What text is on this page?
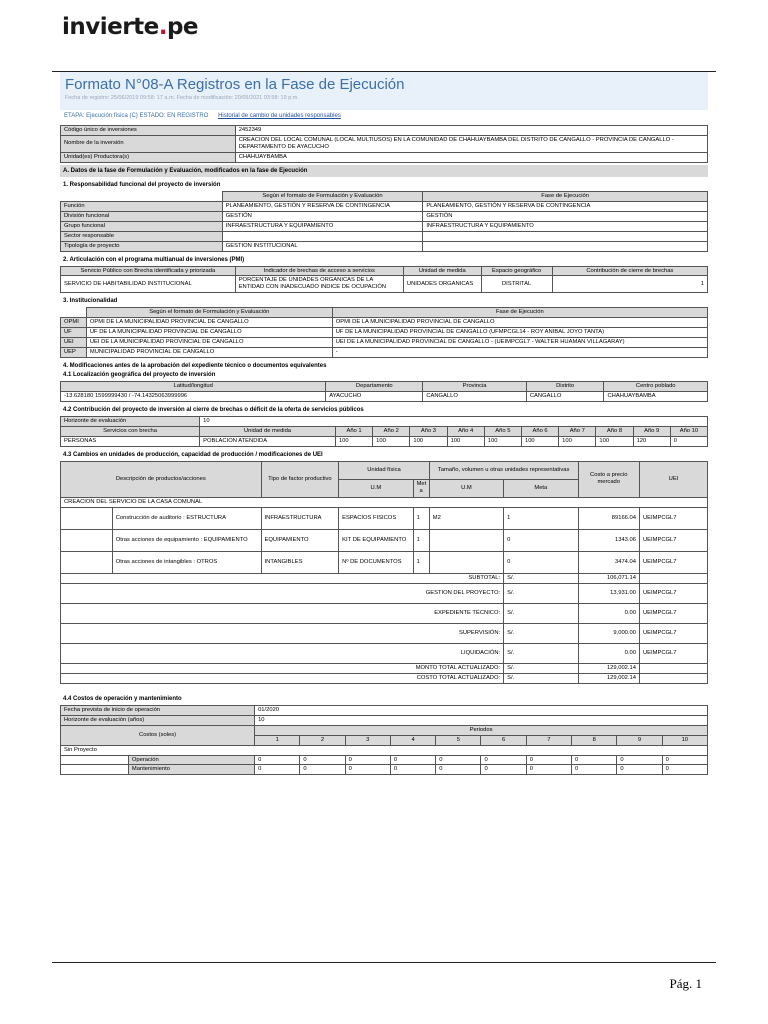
invierte.pe
Formato N°08-A Registros en la Fase de Ejecución
Fecha de registro: 25/06/2019 09:58: 17 a.m. Fecha de modificación: 20/09/2021 03:58: 19 p.m.
ETAPA: Ejecución física (C) ESTADO: EN REGISTRO Historial de cambio de unidades responsables
Código único de inversiones	2452349
Nombre de la inversión	CREACION DEL LOCAL COMUNAL (LOCAL MULTIUSOS) EN LA COMUNIDAD DE CHAHUAYBAMBA DEL DISTRITO DE CANGALLO - PROVINCIA DE CANGALLO - DEPARTAMENTO DE AYACUCHO
Unidad(es) Productora(s)	CHAHUAYBAMBA
A. Datos de la fase de Formulación y Evaluación, modificados en la fase de Ejecución
1. Responsabilidad funcional del proyecto de inversión
	Según el formato de Formulación y Evaluación	Fase de Ejecución
Función	PLANEAMIENTO, GESTIÓN Y RESERVA DE CONTINGENCIA	PLANEAMIENTO, GESTIÓN Y RESERVA DE CONTINGENCIA
División funcional	GESTIÓN	GESTIÓN
Grupo funcional	INFRAESTRUCTURA Y EQUIPAMIENTO	INFRAESTRUCTURA Y EQUIPAMIENTO
Sector responsable		
Tipología de proyecto	GESTION INSTITUCIONAL	
2. Articulación con el programa multianual de inversiones (PMI)
Servicio Público con Brecha identificada y priorizada	Indicador de brechas de acceso a servicios	Unidad de medida	Espacio geográfico	Contribución de cierre de brechas
SERVICIO DE HABITABILIDAD INSTITUCIONAL	PORCENTAJE DE UNIDADES ORGANICAS DE LA ENTIDAD CON INADECUADO INDICE DE OCUPACIÓN	UNIDADES ORGANICAS	DISTRITAL	1
3. Institucionalidad
	Según el formato de Formulación y Evaluación	Fase de Ejecución
OPMI	OPMI DE LA MUNICIPALIDAD PROVINCIAL DE CANGALLO	OPMI DE LA MUNICIPALIDAD PROVINCIAL DE CANGALLO
UF	UF DE LA MUNICIPALIDAD PROVINCIAL DE CANGALLO	UF DE LA MUNICIPALIDAD PROVINCIAL DE CANGALLO (UFMPCGL14 - ROY ANIBAL JOYO TANTA)
UEI	UEI DE LA MUNICIPALIDAD PROVINCIAL DE CANGALLO	UEI DE LA MUNICIPALIDAD PROVINCIAL DE CANGALLO - (UEIMPCGL7 - WALTER HUAMAN VILLAGARAY)
UEP	MUNICIPALIDAD PROVINCIAL DE CANGALLO	-
4. Modificaciones antes de la aprobación del expediente técnico o documentos equivalentes
4.1 Localización geográfica del proyecto de inversión
Latitud/longitud	Departamento	Provincia	Distrito	Centro poblado
-13.628180 1599999430 / -74.14325063999996	AYACUCHO	CANGALLO	CANGALLO	CHAHUAYBAMBA
4.2 Contribución del proyecto de inversión al cierre de brechas o déficit de la oferta de servicios públicos
Horizonte de evaluación	10										
Servicios con brecha	Unidad de medida	Año 1	Año 2	Año 3	Año 4	Año 5	Año 6	Año 7	Año 8	Año 9	Año 10
PERSONAS	POBLACION ATENDIDA	100	100	100	100	100	100	100	100	120	0
4.3 Cambios en unidades de producción, capacidad de producción / modificaciones de UEI
Descripción de productos/acciones		Tipo de factor productivo	Unidad física		Tamaño, volumen u otras unidades representativas		Costo a precio mercado	UEI
			U.M	Met a	U.M	Meta		
CREACION DEL SERVICIO DE LA CASA COMUNAL								
	Construcción de auditorio : ESTRUCTURA	INFRAESTRUCTURA	ESPACIOS FISICOS	1	M2	1	89166.04	UEIMPCGL7
	Otras acciones de equipamiento : EQUIPAMIENTO	EQUIPAMIENTO	KIT DE EQUIPAMIENTO	1		0	1343.06	UEIMPCGL7
	Otras acciones de intangibles : OTROS	INTANGIBLES	Nº DE DOCUMENTOS	1		0	3474.04	UEIMPCGL7
SUBTOTAL:						S/.	106,071.14	
GESTION DEL PROYECTO:						S/.	13,931.00	UEIMPCGL7
EXPEDIENTE TÉCNICO:						S/.	0.00	UEIMPCGL7
SUPERVISIÓN:						S/.	9,000.00	UEIMPCGL7
LIQUIDACIÓN:						S/.	0.00	UEIMPCGL7
MONTO TOTAL ACTUALIZADO:						S/.	129,002.14	
COSTO TOTAL ACTUALIZADO:						S/.	129,002.14	
4.4 Costos de operación y mantenimiento
Fecha prevista de inicio de operación		01/2020									
Horizonte de evaluación (años)		10									
Costos (soles)		Periodos									
		1	2	3	4	5	6	7	8	9	10
Sin Proyecto											
	Operación	0	0	0	0	0	0	0	0	0	0
	Mantenimiento	0	0	0	0	0	0	0	0	0	0
Pág. 1
